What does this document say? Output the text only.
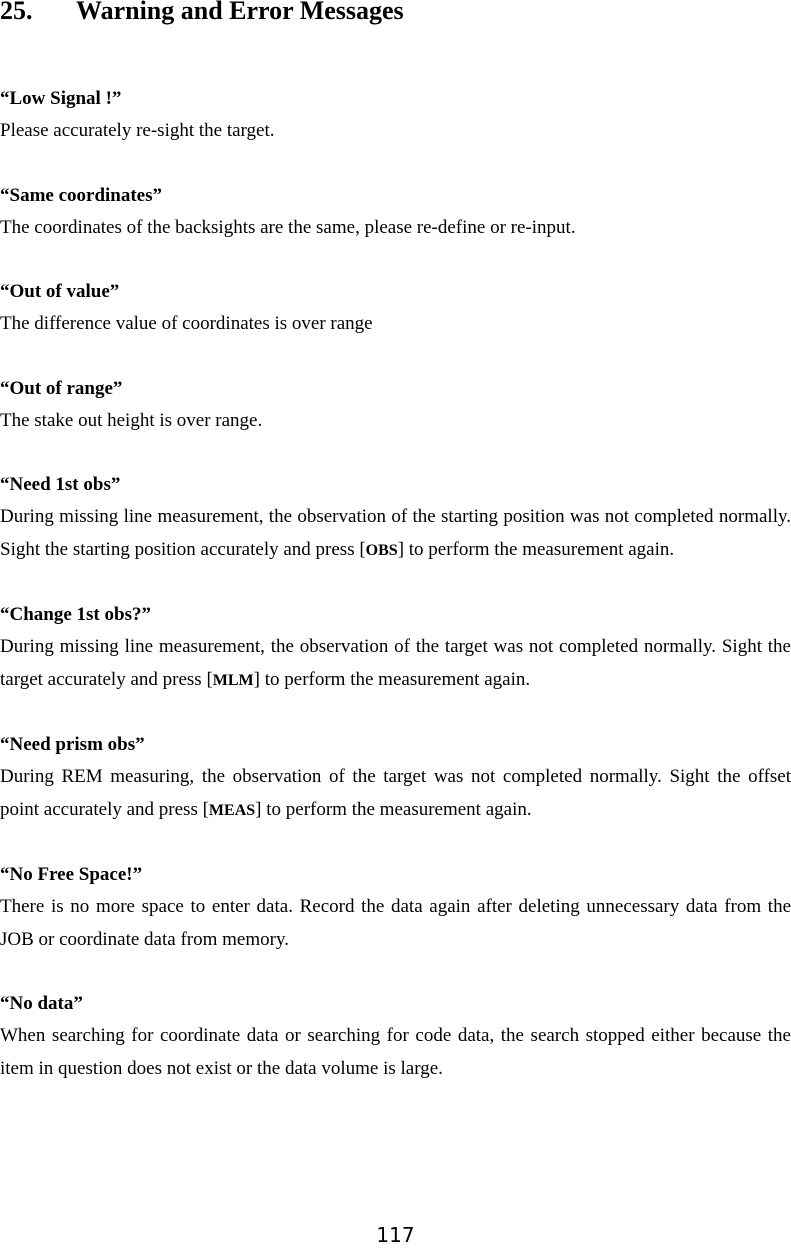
25. Warning and Error Messages

“Low Signal !”

Please accurately re-sight the target.

“Same coordinates”

The coordinates of the backsights are the same, please re-define or re-input.

“Out of value”

The difference value of coordinates is over range

“Out of range”

The stake out height is over range.

“Need 1st obs”

During missing line measurement, the observation of the starting position was not completed normally. Sight the starting position accurately and press [OBS] to perform the measurement again.

“Change 1st obs?”

During missing line measurement, the observation of the target was not completed normally. Sight the target accurately and press [MLM] to perform the measurement again.

“Need prism obs”

During REM measuring, the observation of the target was not completed normally. Sight the offset point accurately and press [MEAS] to perform the measurement again.

“No Free Space!”

There is no more space to enter data. Record the data again after deleting unnecessary data from the JOB or coordinate data from memory.

“No data”

When searching for coordinate data or searching for code data, the search stopped either because the item in question does not exist or the data volume is large.

117
